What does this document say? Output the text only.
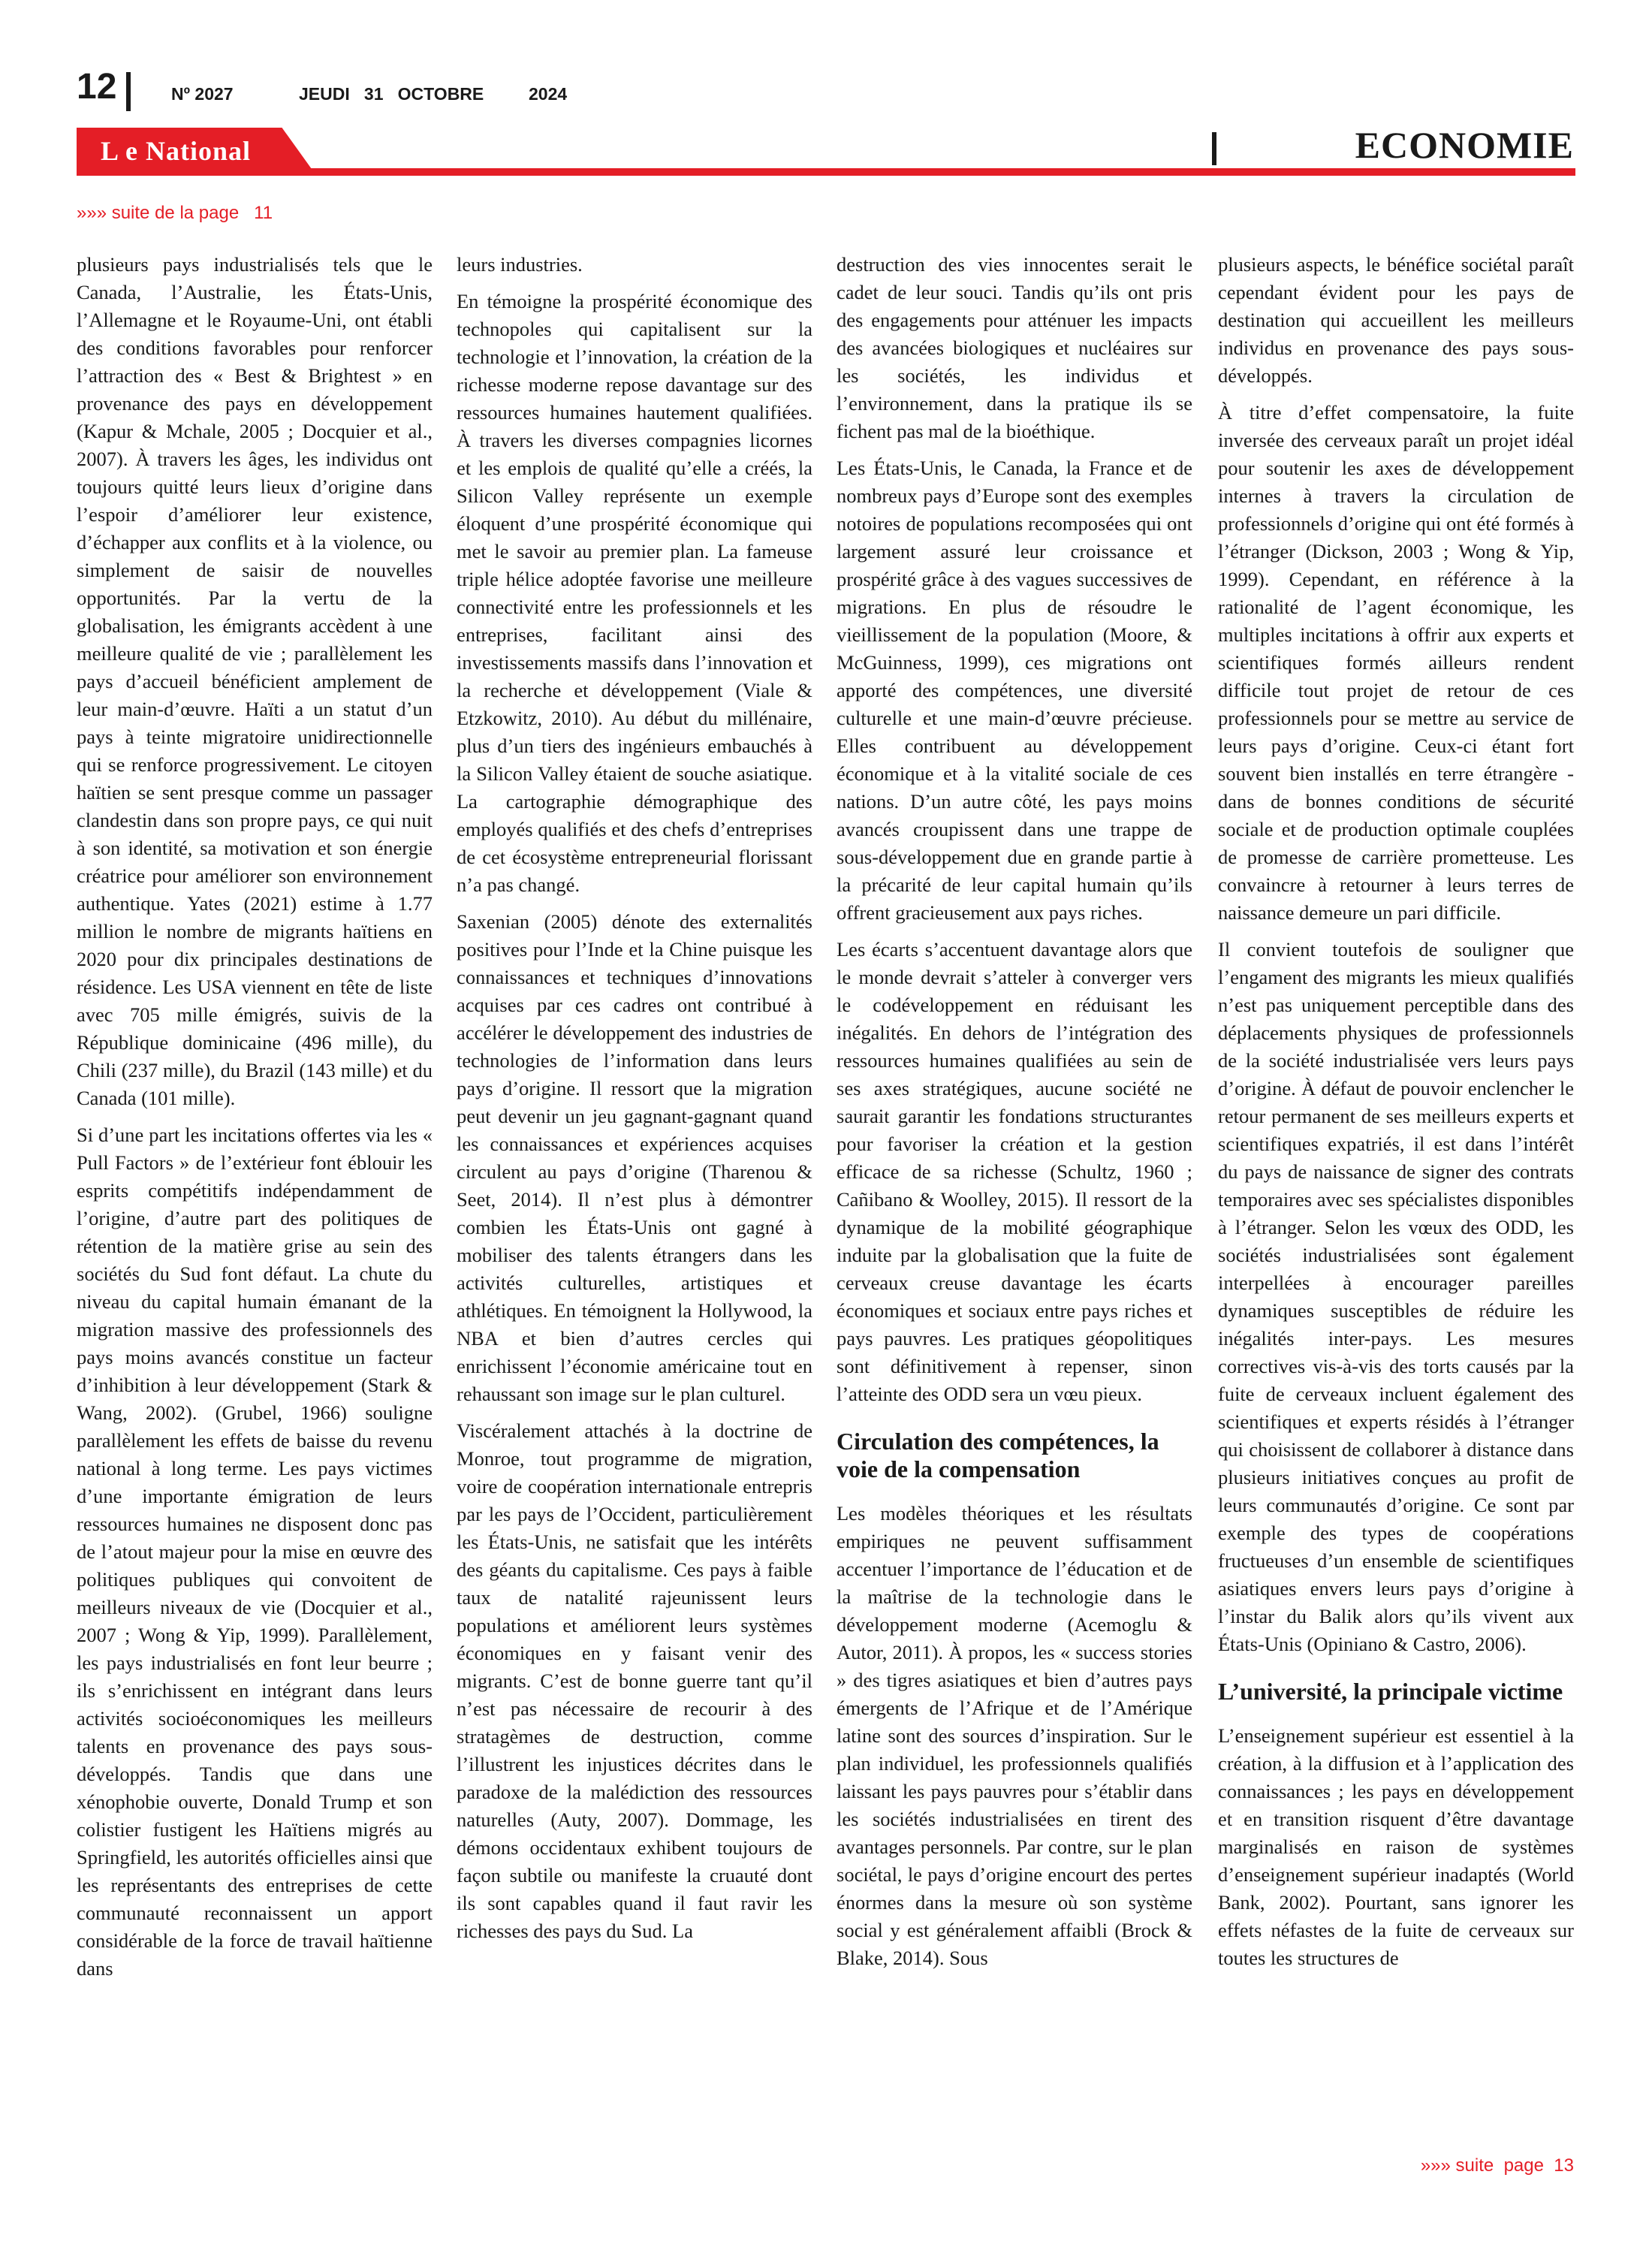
12	Nº 2027	JEUDI   31   OCTOBRE	2024
L e National	ECONOMIE
»»» suite de la page   11

plusieurs pays industrialisés tels que le Canada, l’Australie, les États-Unis, l’Allemagne et le Royaume-Uni, ont établi des conditions favorables pour renforcer l’attraction des « Best & Brightest » en provenance des pays en développement (Kapur & Mchale, 2005 ; Docquier et al., 2007). À travers les âges, les individus ont toujours quitté leurs lieux d’origine dans l’espoir d’améliorer leur existence, d’échapper aux conflits et à la violence, ou simplement de saisir de nouvelles opportunités. Par la vertu de la globalisation, les émigrants accèdent à une meilleure qualité de vie ; parallèlement les pays d’accueil bénéficient amplement de leur main-d’œuvre. Haïti a un statut d’un pays à teinte migratoire unidirectionnelle qui se renforce progressivement. Le citoyen haïtien se sent presque comme un passager clandestin dans son propre pays, ce qui nuit à son identité, sa motivation et son énergie créatrice pour améliorer son environnement authentique. Yates (2021) estime à 1.77 million le nombre de migrants haïtiens en 2020 pour dix principales destinations de résidence. Les USA viennent en tête de liste avec 705 mille émigrés, suivis de la République dominicaine (496 mille), du Chili (237 mille), du Brazil (143 mille) et du Canada (101 mille).

Si d’une part les incitations offertes via les « Pull Factors » de l’extérieur font éblouir les esprits compétitifs indépendamment de l’origine, d’autre part des politiques de rétention de la matière grise au sein des sociétés du Sud font défaut. La chute du niveau du capital humain émanant de la migration massive des professionnels des pays moins avancés constitue un facteur d’inhibition à leur développement (Stark & Wang, 2002). (Grubel, 1966) souligne parallèlement les effets de baisse du revenu national à long terme. Les pays victimes d’une importante émigration de leurs ressources humaines ne disposent donc pas de l’atout majeur pour la mise en œuvre des politiques publiques qui convoitent de meilleurs niveaux de vie (Docquier et al., 2007 ; Wong & Yip, 1999). Parallèlement, les pays industrialisés en font leur beurre ; ils s’enrichissent en intégrant dans leurs activités socioéconomiques les meilleurs talents en provenance des pays sous-développés. Tandis que dans une xénophobie ouverte, Donald Trump et son colistier fustigent les Haïtiens migrés au Springfield, les autorités officielles ainsi que les représentants des entreprises de cette communauté reconnaissent un apport considérable de la force de travail haïtienne dans

leurs industries.

En témoigne la prospérité économique des technopoles qui capitalisent sur la technologie et l’innovation, la création de la richesse moderne repose davantage sur des ressources humaines hautement qualifiées. À travers les diverses compagnies licornes et les emplois de qualité qu’elle a créés, la Silicon Valley représente un exemple éloquent d’une prospérité économique qui met le savoir au premier plan. La fameuse triple hélice adoptée favorise une meilleure connectivité entre les professionnels et les entreprises, facilitant ainsi des investissements massifs dans l’innovation et la recherche et développement (Viale & Etzkowitz, 2010). Au début du millénaire, plus d’un tiers des ingénieurs embauchés à la Silicon Valley étaient de souche asiatique. La cartographie démographique des employés qualifiés et des chefs d’entreprises de cet écosystème entrepreneurial florissant n’a pas changé.

Saxenian (2005) dénote des externalités positives pour l’Inde et la Chine puisque les connaissances et techniques d’innovations acquises par ces cadres ont contribué à accélérer le développement des industries de technologies de l’information dans leurs pays d’origine. Il ressort que la migration peut devenir un jeu gagnant-gagnant quand les connaissances et expériences acquises circulent au pays d’origine (Tharenou & Seet, 2014). Il n’est plus à démontrer combien les États-Unis ont gagné à mobiliser des talents étrangers dans les activités culturelles, artistiques et athlétiques. En témoignent la Hollywood, la NBA et bien d’autres cercles qui enrichissent l’économie américaine tout en rehaussant son image sur le plan culturel.

Viscéralement attachés à la doctrine de Monroe, tout programme de migration, voire de coopération internationale entrepris par les pays de l’Occident, particulièrement les États-Unis, ne satisfait que les intérêts des géants du capitalisme. Ces pays à faible taux de natalité rajeunissent leurs populations et améliorent leurs systèmes économiques en y faisant venir des migrants. C’est de bonne guerre tant qu’il n’est pas nécessaire de recourir à des stratagèmes de destruction, comme l’illustrent les injustices décrites dans le paradoxe de la malédiction des ressources naturelles (Auty, 2007). Dommage, les démons occidentaux exhibent toujours de façon subtile ou manifeste la cruauté dont ils sont capables quand il faut ravir les richesses des pays du Sud. La

destruction des vies innocentes serait le cadet de leur souci. Tandis qu’ils ont pris des engagements pour atténuer les impacts des avancées biologiques et nucléaires sur les sociétés, les individus et l’environnement, dans la pratique ils se fichent pas mal de la bioéthique.

Les États-Unis, le Canada, la France et de nombreux pays d’Europe sont des exemples notoires de populations recomposées qui ont largement assuré leur croissance et prospérité grâce à des vagues successives de migrations. En plus de résoudre le vieillissement de la population (Moore, & McGuinness, 1999), ces migrations ont apporté des compétences, une diversité culturelle et une main-d’œuvre précieuse. Elles contribuent au développement économique et à la vitalité sociale de ces nations. D’un autre côté, les pays moins avancés croupissent dans une trappe de sous-développement due en grande partie à la précarité de leur capital humain qu’ils offrent gracieusement aux pays riches.

Les écarts s’accentuent davantage alors que le monde devrait s’atteler à converger vers le codéveloppement en réduisant les inégalités. En dehors de l’intégration des ressources humaines qualifiées au sein de ses axes stratégiques, aucune société ne saurait garantir les fondations structurantes pour favoriser la création et la gestion efficace de sa richesse (Schultz, 1960 ; Cañibano & Woolley, 2015). Il ressort de la dynamique de la mobilité géographique induite par la globalisation que la fuite de cerveaux creuse davantage les écarts économiques et sociaux entre pays riches et pays pauvres. Les pratiques géopolitiques sont définitivement à repenser, sinon l’atteinte des ODD sera un vœu pieux.

Circulation des compétences, la voie de la compensation

Les modèles théoriques et les résultats empiriques ne peuvent suffisamment accentuer l’importance de l’éducation et de la maîtrise de la technologie dans le développement moderne (Acemoglu & Autor, 2011). À propos, les « success stories » des tigres asiatiques et bien d’autres pays émergents de l’Afrique et de l’Amérique latine sont des sources d’inspiration. Sur le plan individuel, les professionnels qualifiés laissant les pays pauvres pour s’établir dans les sociétés industrialisées en tirent des avantages personnels. Par contre, sur le plan sociétal, le pays d’origine encourt des pertes énormes dans la mesure où son système social y est généralement affaibli (Brock & Blake, 2014). Sous

plusieurs aspects, le bénéfice sociétal paraît cependant évident pour les pays de destination qui accueillent les meilleurs individus en provenance des pays sous-développés.

À titre d’effet compensatoire, la fuite inversée des cerveaux paraît un projet idéal pour soutenir les axes de développement internes à travers la circulation de professionnels d’origine qui ont été formés à l’étranger (Dickson, 2003 ; Wong & Yip, 1999). Cependant, en référence à la rationalité de l’agent économique, les multiples incitations à offrir aux experts et scientifiques formés ailleurs rendent difficile tout projet de retour de ces professionnels pour se mettre au service de leurs pays d’origine. Ceux-ci étant fort souvent bien installés en terre étrangère - dans de bonnes conditions de sécurité sociale et de production optimale couplées de promesse de carrière prometteuse. Les convaincre à retourner à leurs terres de naissance demeure un pari difficile.

Il convient toutefois de souligner que l’engament des migrants les mieux qualifiés n’est pas uniquement perceptible dans des déplacements physiques de professionnels de la société industrialisée vers leurs pays d’origine. À défaut de pouvoir enclencher le retour permanent de ses meilleurs experts et scientifiques expatriés, il est dans l’intérêt du pays de naissance de signer des contrats temporaires avec ses spécialistes disponibles à l’étranger. Selon les vœux des ODD, les sociétés industrialisées sont également interpellées à encourager pareilles dynamiques susceptibles de réduire les inégalités inter-pays. Les mesures correctives vis-à-vis des torts causés par la fuite de cerveaux incluent également des scientifiques et experts résidés à l’étranger qui choisissent de collaborer à distance dans plusieurs initiatives conçues au profit de leurs communautés d’origine. Ce sont par exemple des types de coopérations fructueuses d’un ensemble de scientifiques asiatiques envers leurs pays d’origine à l’instar du Balik alors qu’ils vivent aux États-Unis (Opiniano & Castro, 2006).

L’université, la principale victime

L’enseignement supérieur est essentiel à la création, à la diffusion et à l’application des connaissances ; les pays en développement et en transition risquent d’être davantage marginalisés en raison de systèmes d’enseignement supérieur inadaptés (World Bank, 2002). Pourtant, sans ignorer les effets néfastes de la fuite de cerveaux sur toutes les structures de

»»» suite  page  13
